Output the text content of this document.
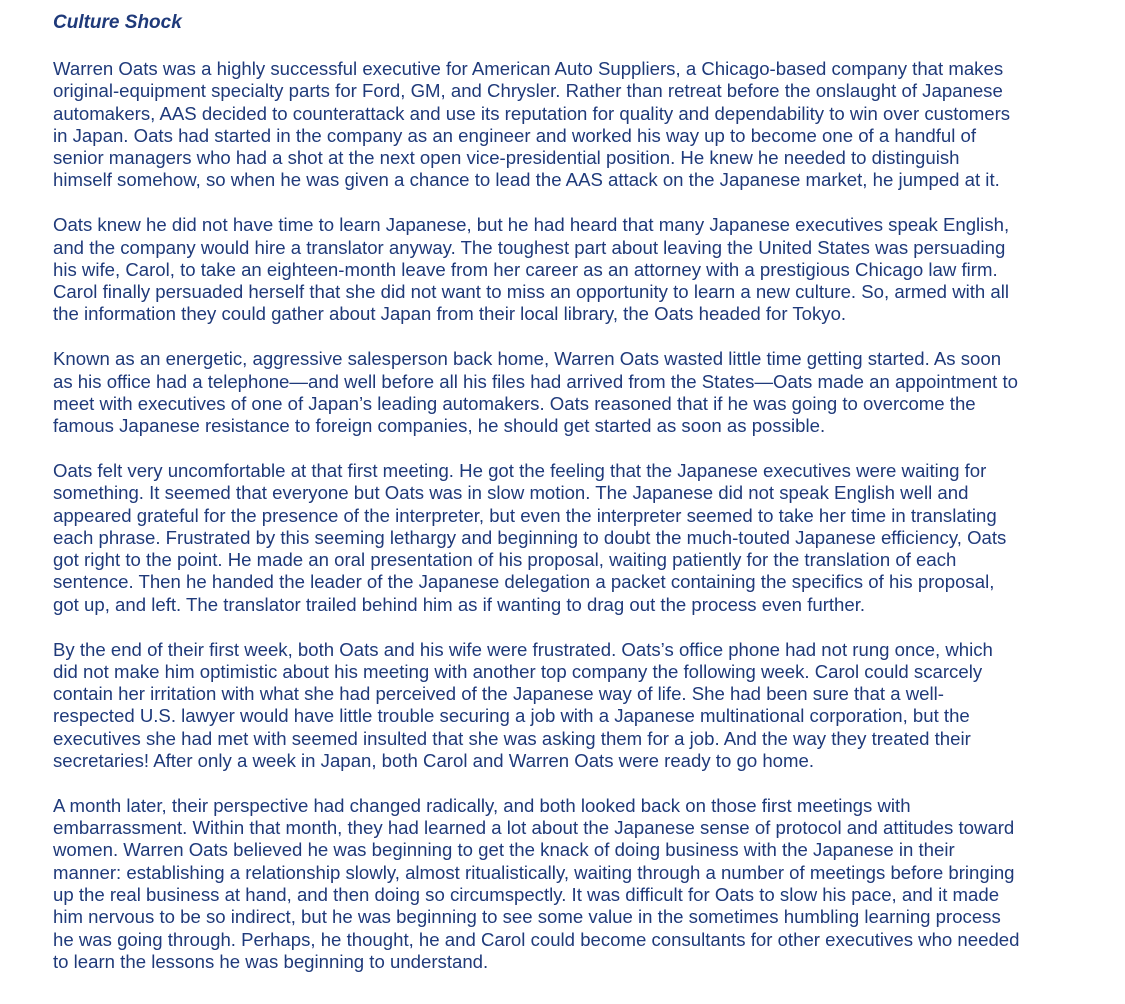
Culture Shock
Warren Oats was a highly successful executive for American Auto Suppliers, a Chicago-based company that makes
original-equipment specialty parts for Ford, GM, and Chrysler. Rather than retreat before the onslaught of Japanese
automakers, AAS decided to counterattack and use its reputation for quality and dependability to win over customers
in Japan. Oats had started in the company as an engineer and worked his way up to become one of a handful of
senior managers who had a shot at the next open vice-presidential position. He knew he needed to distinguish
himself somehow, so when he was given a chance to lead the AAS attack on the Japanese market, he jumped at it.
Oats knew he did not have time to learn Japanese, but he had heard that many Japanese executives speak English,
and the company would hire a translator anyway. The toughest part about leaving the United States was persuading
his wife, Carol, to take an eighteen-month leave from her career as an attorney with a prestigious Chicago law firm.
Carol finally persuaded herself that she did not want to miss an opportunity to learn a new culture. So, armed with all
the information they could gather about Japan from their local library, the Oats headed for Tokyo.
Known as an energetic, aggressive salesperson back home, Warren Oats wasted little time getting started. As soon
as his office had a telephone—and well before all his files had arrived from the States—Oats made an appointment to
meet with executives of one of Japan’s leading automakers. Oats reasoned that if he was going to overcome the
famous Japanese resistance to foreign companies, he should get started as soon as possible.
Oats felt very uncomfortable at that first meeting. He got the feeling that the Japanese executives were waiting for
something. It seemed that everyone but Oats was in slow motion. The Japanese did not speak English well and
appeared grateful for the presence of the interpreter, but even the interpreter seemed to take her time in translating
each phrase. Frustrated by this seeming lethargy and beginning to doubt the much-touted Japanese efficiency, Oats
got right to the point. He made an oral presentation of his proposal, waiting patiently for the translation of each
sentence. Then he handed the leader of the Japanese delegation a packet containing the specifics of his proposal,
got up, and left. The translator trailed behind him as if wanting to drag out the process even further.
By the end of their first week, both Oats and his wife were frustrated. Oats’s office phone had not rung once, which
did not make him optimistic about his meeting with another top company the following week. Carol could scarcely
contain her irritation with what she had perceived of the Japanese way of life. She had been sure that a well-
respected U.S. lawyer would have little trouble securing a job with a Japanese multinational corporation, but the
executives she had met with seemed insulted that she was asking them for a job. And the way they treated their
secretaries! After only a week in Japan, both Carol and Warren Oats were ready to go home.
A month later, their perspective had changed radically, and both looked back on those first meetings with
embarrassment. Within that month, they had learned a lot about the Japanese sense of protocol and attitudes toward
women. Warren Oats believed he was beginning to get the knack of doing business with the Japanese in their
manner: establishing a relationship slowly, almost ritualistically, waiting through a number of meetings before bringing
up the real business at hand, and then doing so circumspectly. It was difficult for Oats to slow his pace, and it made
him nervous to be so indirect, but he was beginning to see some value in the sometimes humbling learning process
he was going through. Perhaps, he thought, he and Carol could become consultants for other executives who needed
to learn the lessons he was beginning to understand.
